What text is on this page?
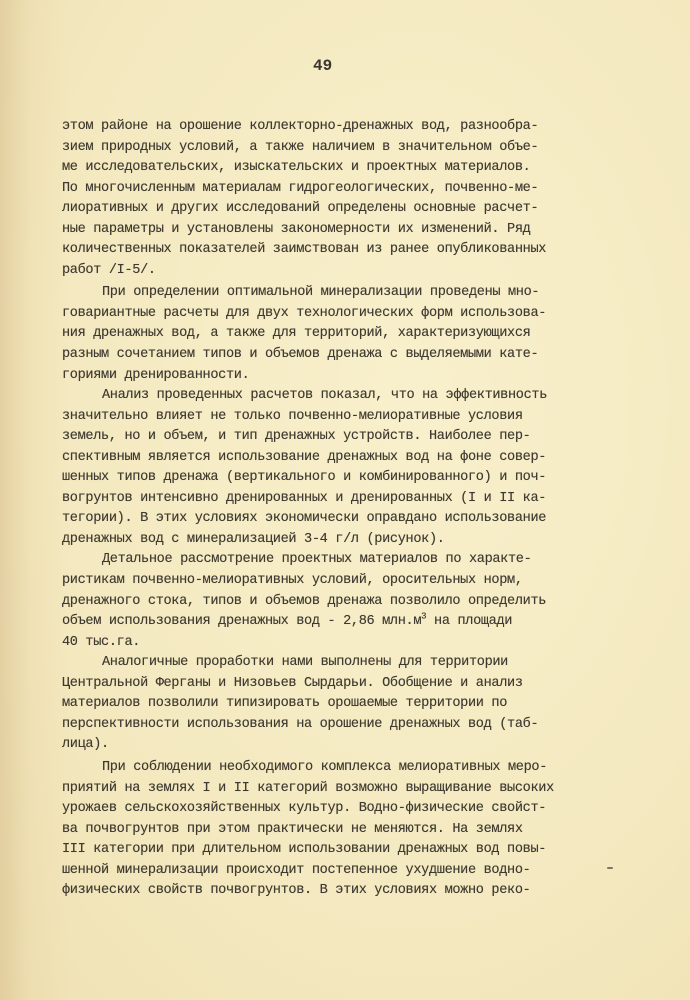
49
этом районе на орошение коллекторно-дренажных вод, разнообра-
зием природных условий, а также наличием в значительном объе-
ме исследовательских, изыскательских и проектных материалов.
По многочисленным материалам гидрогеологических, почвенно-ме-
лиоративных и других исследований определены основные расчет-
ные параметры и установлены закономерности их изменений. Ряд
количественных показателей заимствован из ранее опубликованных
работ /I-5/.
При определении оптимальной минерализации проведены мно-
говариантные расчеты для двух технологических форм использова-
ния дренажных вод, а также для территорий, характеризующихся
разным сочетанием типов и объемов дренажа с выделяемыми кате-
гориями дренированности.
Анализ проведенных расчетов показал, что на эффективность
значительно влияет не только почвенно-мелиоративные условия
земель, но и объем, и тип дренажных устройств. Наиболее пер-
спективным является использование дренажных вод на фоне совер-
шенных типов дренажа (вертикального и комбинированного) и поч-
вогрунтов интенсивно дренированных и дренированных (I и II ка-
тегории). В этих условиях экономически оправдано использование
дренажных вод с минерализацией 3-4 г/л (рисунок).
Детальное рассмотрение проектных материалов по характе-
ристикам почвенно-мелиоративных условий, оросительных норм,
дренажного стока, типов и объемов дренажа позволило определить
объем использования дренажных вод - 2,86 $млн.м^3$ на площади
40 тыс.га.
Аналогичные проработки нами выполнены для территории
Центральной Ферганы и Низовьев Сырдарьи. Обобщение и анализ
материалов позволили типизировать орошаемые территории по
перспективности использования на орошение дренажных вод (таб-
лица).
При соблюдении необходимого комплекса мелиоративных меро-
приятий на землях I и II категорий возможно выращивание высоких
урожаев сельскохозяйственных культур. Водно-физические свойст-
ва почвогрунтов при этом практически не меняются. На землях
III категории при длительном использовании дренажных вод повы-
шенной минерализации происходит постепенное ухудшение водно-
физических свойств почвогрунтов. В этих условиях можно реко-
